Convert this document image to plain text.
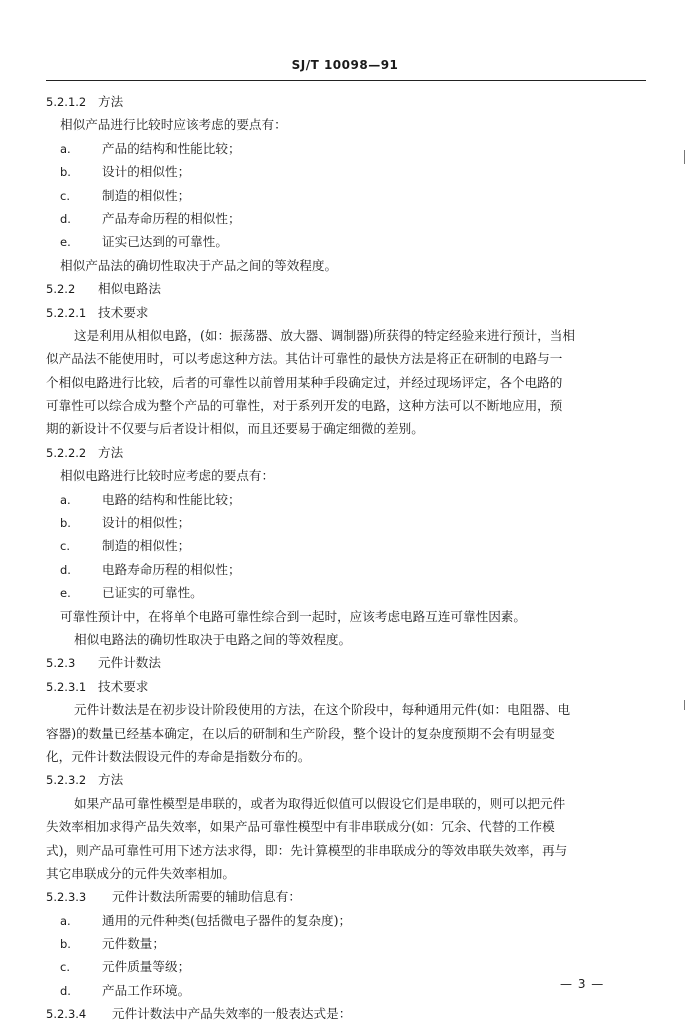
SJ/T 10098—91
5.2.1.2 方法
相似产品进行比较时应该考虑的要点有：
a. 产品的结构和性能比较；
b. 设计的相似性；
c.	制造的相似性；
d. 产品寿命历程的相似性；
e. 证实已达到的可靠性。
相似产品法的确切性取决于产品之间的等效程度。
5.2.2 相似电路法
5.2.2.1 技术要求
这是利用从相似电路，(如：振荡器、放大器、调制器)所获得的特定经验来进行预计，当相
似产品法不能使用时，可以考虑这种方法。其估计可靠性的最快方法是将正在研制的电路与一
个相似电路进行比较，后者的可靠性以前曾用某种手段确定过，并经过现场评定，各个电路的
可靠性可以综合成为整个产品的可靠性，对于系列开发的电路，这种方法可以不断地应用，预
期的新设计不仅要与后者设计相似，而且还要易于确定细微的差别。
5.2.2.2 方法
相似电路进行比较时应考虑的要点有：
a. 电路的结构和性能比较；
b. 设计的相似性；
c.	制造的相似性；
d. 电路寿命历程的相似性；
e. 已证实的可靠性。
可靠性预计中，在将单个电路可靠性综合到一起时，应该考虑电路互连可靠性因素。
相似电路法的确切性取决于电路之间的等效程度。
5.2.3 元件计数法
5.2.3.1 技术要求
元件计数法是在初步设计阶段使用的方法，在这个阶段中，每种通用元件(如：电阻器、电
容器)的数量已经基本确定，在以后的研制和生产阶段，整个设计的复杂度预期不会有明显变
化，元件计数法假设元件的寿命是指数分布的。
5.2.3.2 方法
如果产品可靠性模型是串联的，或者为取得近似值可以假设它们是串联的，则可以把元件
失效率相加求得产品失效率，如果产品可靠性模型中有非串联成分(如：冗余、代替的工作模
式)，则产品可靠性可用下述方法求得，即：先计算模型的非串联成分的等效串联失效率，再与
其它串联成分的元件失效率相加。
5.2.3.3 元件计数法所需要的辅助信息有：
a. 通用的元件种类(包括微电子器件的复杂度)；
b. 元件数量；
c.	元件质量等级；
d. 产品工作环境。
5.2.3.4 元件计数法中产品失效率的一般表达式是：
— 3 —
